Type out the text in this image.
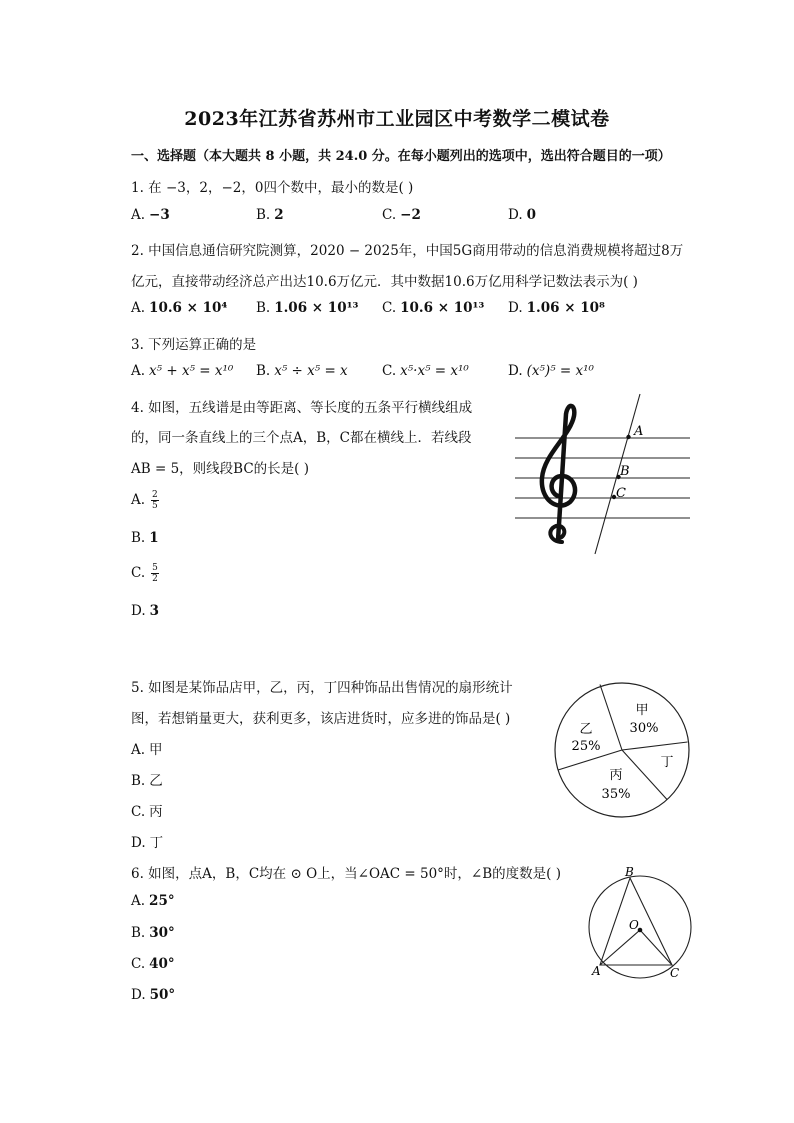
2023年江苏省苏州市工业园区中考数学二模试卷
一、选择题（本大题共 8 小题，共 24.0 分。在每小题列出的选项中，选出符合题目的一项）
1. 在 −3，2，−2，0四个数中，最小的数是( )
A. −3	B. 2	C. −2	D. 0
2. 中国信息通信研究院测算，2020 − 2025年，中国5G商用带动的信息消费规模将超过8万
亿元，直接带动经济总产出达10.6万亿元．其中数据10.6万亿用科学记数法表示为( )
A. 10.6 × 10⁴ B. 1.06 × 10¹³ C. 10.6 × 10¹³ D. 1.06 × 10⁸
3. 下列运算正确的是
A. x⁵ + x⁵ = x¹⁰ B. x⁵ ÷ x⁵ = x	C. x⁵·x⁵ = x¹⁰	D. (x⁵)⁵ = x¹⁰
4. 如图，五线谱是由等距离、等长度的五条平行横线组成
的，同一条直线上的三个点A，B，C都在横线上．若线段
AB = 5，则线段BC的长是( )
A. $\frac{2}{5}$
B. 1
C. $\frac{5}{2}$
D. 3
A
B
C
5. 如图是某饰品店甲，乙，丙，丁四种饰品出售情况的扇形统计
图，若想销量更大，获利更多，该店进货时，应多进的饰品是( )
A. 甲
B. 乙
C. 丙
D. 丁
甲
30%
乙
25%
丙
35%
丁
6. 如图，点A，B，C均在 ⊙ O上，当∠OAC = 50°时，∠B的度数是( )
A. 25°
B. 30°
C. 40°
D. 50°
B
O
A	C
